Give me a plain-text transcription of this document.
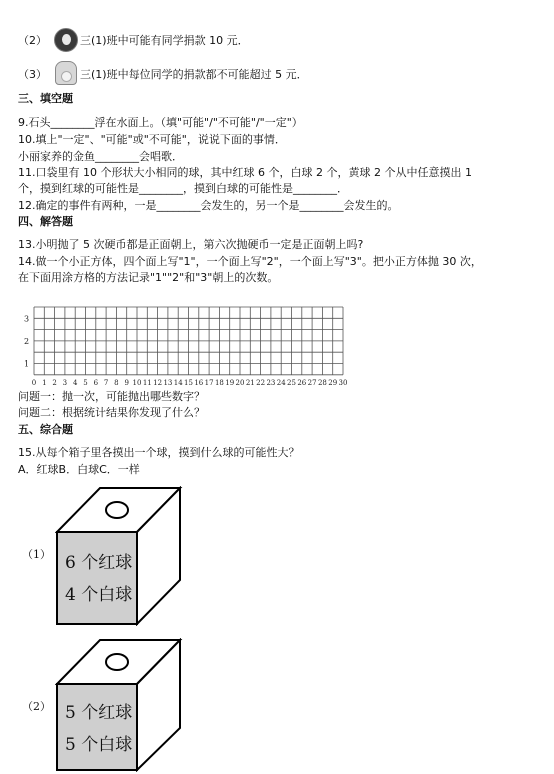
（2）	三(1)班中可能有同学捐款 10 元．
（3）	三(1)班中每位同学的捐款都不可能超过 5 元．
三、填空题
9.石头________浮在水面上。（填"可能"/"不可能"/"一定"）
10.填上"一定"、"可能"或"不可能"，说说下面的事情．
小丽家养的金鱼________会唱歌．
11.口袋里有 10 个形状大小相同的球，其中红球 6 个，白球 2 个，黄球 2 个从中任意摸出 1
个，摸到红球的可能性是________，摸到白球的可能性是________．
12.确定的事件有两种，一是________会发生的，另一个是________会发生的。
四、解答题
13.小明抛了 5 次硬币都是正面朝上，第六次抛硬币一定是正面朝上吗?
14.做一个小正方体，四个面上写"1"，一个面上写"2"，一个面上写"3"。把小正方体抛 30 次，
在下面用涂方格的方法记录"1""2"和"3"朝上的次数。
3
2
1
0 1 2 3 4 5 6 7 8 9 10 11 12 13 14 15 16 17 18 19 20 21 22 23 24 25 26 27 28 29 30
问题一：抛一次，可能抛出哪些数字？
问题二：根据统计结果你发现了什么？
五、综合题
15.从每个箱子里各摸出一个球，摸到什么球的可能性大？
A．红球B．白球C．一样
（1） 6 个红球
4 个白球
（2） 5 个红球
5 个白球
